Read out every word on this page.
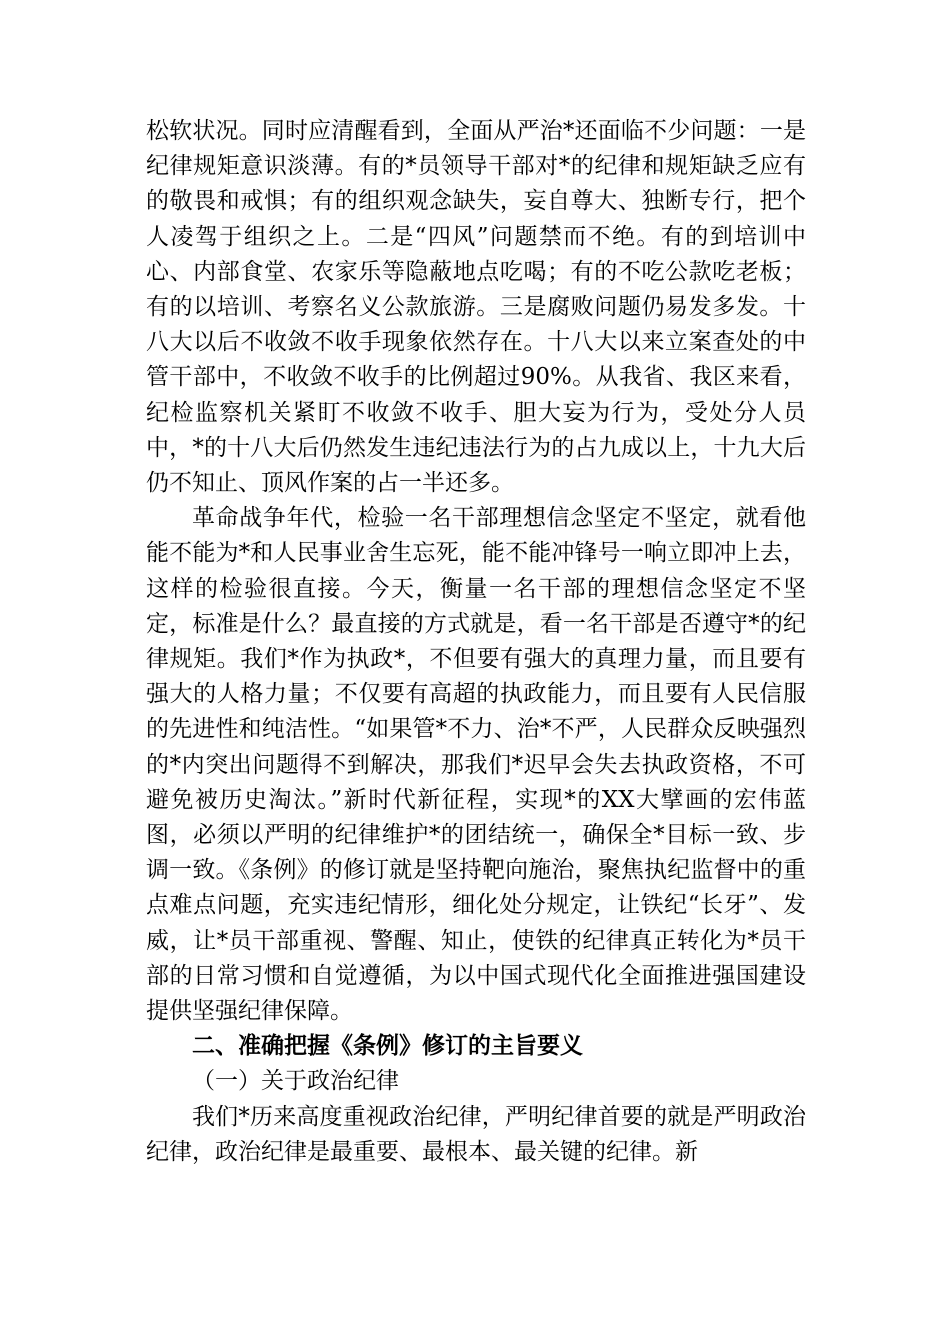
松软状况。同时应清醒看到，全面从严治*还面临不少问题：一是纪律规矩意识淡薄。有的*员领导干部对*的纪律和规矩缺乏应有的敬畏和戒惧；有的组织观念缺失，妄自尊大、独断专行，把个人凌驾于组织之上。二是“四风”问题禁而不绝。有的到培训中心、内部食堂、农家乐等隐蔽地点吃喝；有的不吃公款吃老板；有的以培训、考察名义公款旅游。三是腐败问题仍易发多发。十八大以后不收敛不收手现象依然存在。十八大以来立案查处的中管干部中，不收敛不收手的比例超过90%。从我省、我区来看，纪检监察机关紧盯不收敛不收手、胆大妄为行为，受处分人员中，*的十八大后仍然发生违纪违法行为的占九成以上，十九大后仍不知止、顶风作案的占一半还多。

革命战争年代，检验一名干部理想信念坚定不坚定，就看他能不能为*和人民事业舍生忘死，能不能冲锋号一响立即冲上去，这样的检验很直接。今天，衡量一名干部的理想信念坚定不坚定，标准是什么？最直接的方式就是，看一名干部是否遵守*的纪律规矩。我们*作为执政*，不但要有强大的真理力量，而且要有强大的人格力量；不仅要有高超的执政能力，而且要有人民信服的先进性和纯洁性。“如果管*不力、治*不严，人民群众反映强烈的*内突出问题得不到解决，那我们*迟早会失去执政资格，不可避免被历史淘汰。”新时代新征程，实现*的XX大擘画的宏伟蓝图，必须以严明的纪律维护*的团结统一，确保全*目标一致、步调一致。《条例》的修订就是坚持靶向施治，聚焦执纪监督中的重点难点问题，充实违纪情形，细化处分规定，让铁纪“长牙”、发威，让*员干部重视、警醒、知止，使铁的纪律真正转化为*员干部的日常习惯和自觉遵循，为以中国式现代化全面推进强国建设提供坚强纪律保障。

二、准确把握《条例》修订的主旨要义

（一）关于政治纪律

我们*历来高度重视政治纪律，严明纪律首要的就是严明政治纪律，政治纪律是最重要、最根本、最关键的纪律。新
